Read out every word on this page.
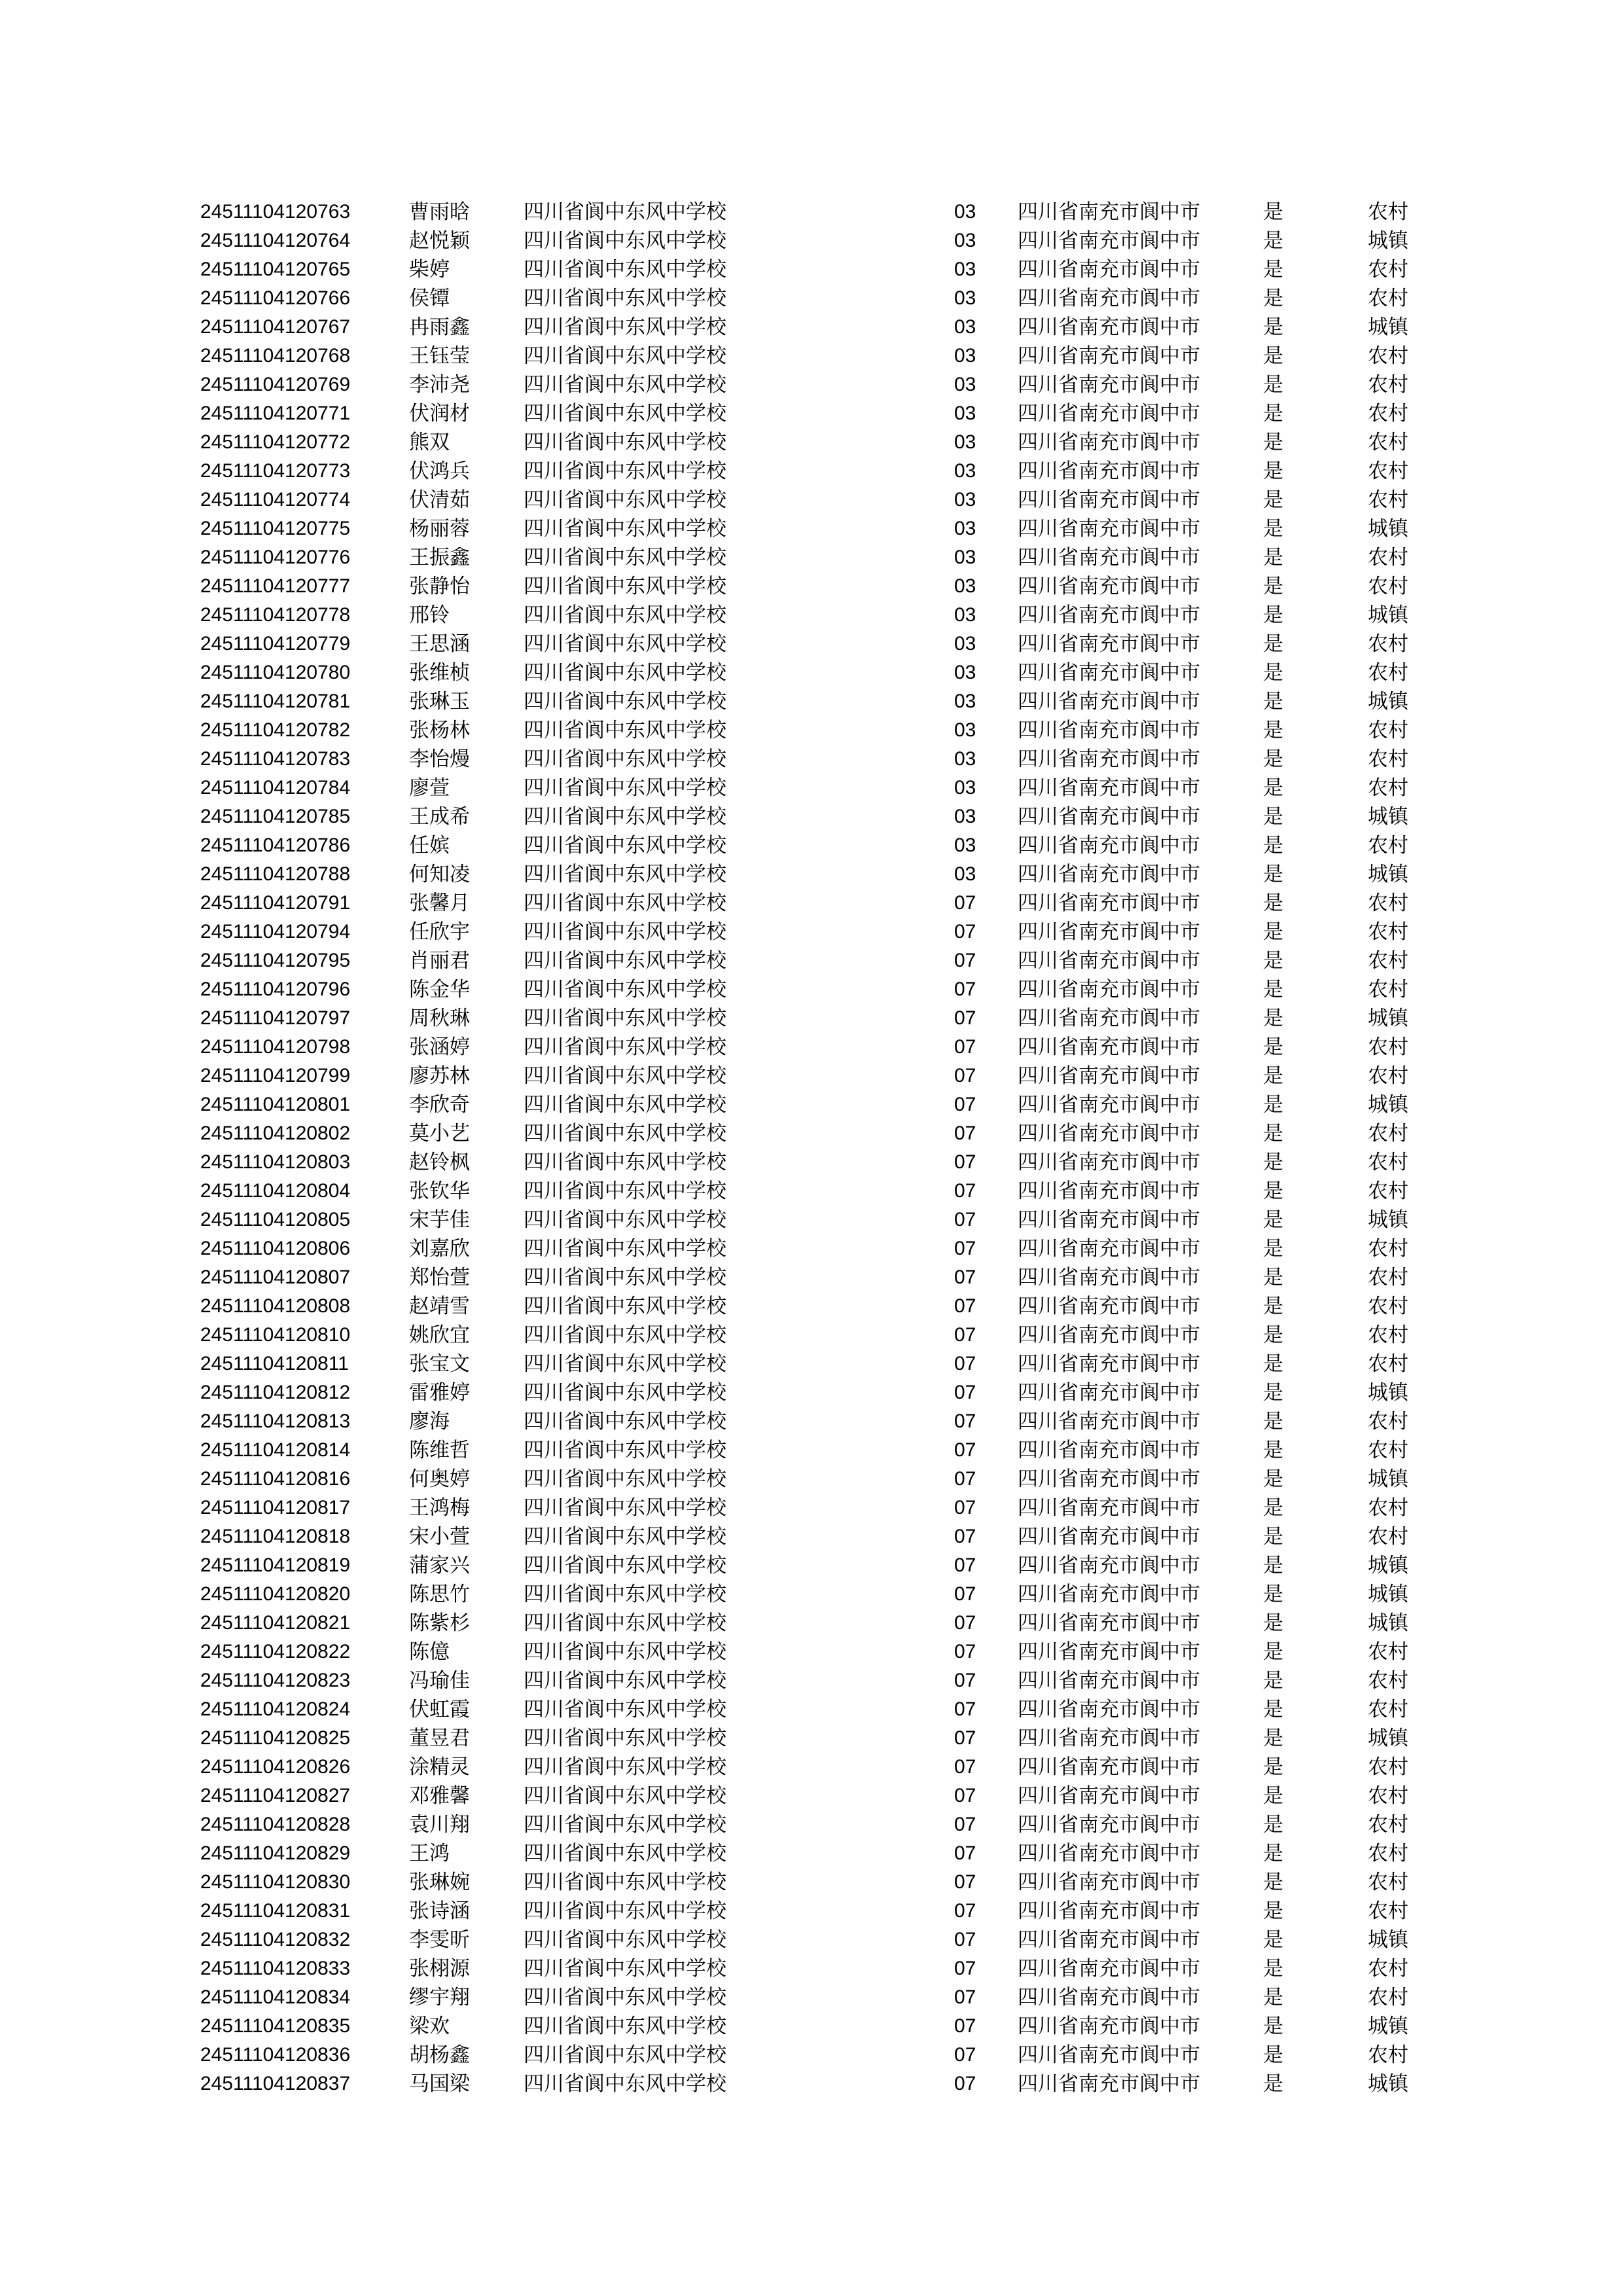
24511104120763	曹雨晗	四川省阆中东风中学校	03 四川省南充市阆中市	是	农村
24511104120764	赵悦颖	四川省阆中东风中学校	03 四川省南充市阆中市	是	城镇
24511104120765	柴婷	四川省阆中东风中学校	03 四川省南充市阆中市	是	农村
24511104120766	侯镡	四川省阆中东风中学校	03 四川省南充市阆中市	是	农村
24511104120767	冉雨鑫	四川省阆中东风中学校	03 四川省南充市阆中市	是	城镇
24511104120768	王钰莹	四川省阆中东风中学校	03 四川省南充市阆中市	是	农村
24511104120769	李沛尧	四川省阆中东风中学校	03 四川省南充市阆中市	是	农村
24511104120771	伏润材	四川省阆中东风中学校	03 四川省南充市阆中市	是	农村
24511104120772	熊双	四川省阆中东风中学校	03 四川省南充市阆中市	是	农村
24511104120773	伏鸿兵	四川省阆中东风中学校	03 四川省南充市阆中市	是	农村
24511104120774	伏清茹	四川省阆中东风中学校	03 四川省南充市阆中市	是	农村
24511104120775	杨丽蓉	四川省阆中东风中学校	03 四川省南充市阆中市	是	城镇
24511104120776	王振鑫	四川省阆中东风中学校	03 四川省南充市阆中市	是	农村
24511104120777	张静怡	四川省阆中东风中学校	03 四川省南充市阆中市	是	农村
24511104120778	邢铃	四川省阆中东风中学校	03 四川省南充市阆中市	是	城镇
24511104120779	王思涵	四川省阆中东风中学校	03 四川省南充市阆中市	是	农村
24511104120780	张维桢	四川省阆中东风中学校	03 四川省南充市阆中市	是	农村
24511104120781	张琳玉	四川省阆中东风中学校	03 四川省南充市阆中市	是	城镇
24511104120782	张杨林	四川省阆中东风中学校	03 四川省南充市阆中市	是	农村
24511104120783	李怡熳	四川省阆中东风中学校	03 四川省南充市阆中市	是	农村
24511104120784	廖萱	四川省阆中东风中学校	03 四川省南充市阆中市	是	农村
24511104120785	王成希	四川省阆中东风中学校	03 四川省南充市阆中市	是	城镇
24511104120786	任嫔	四川省阆中东风中学校	03 四川省南充市阆中市	是	农村
24511104120788	何知凌	四川省阆中东风中学校	03 四川省南充市阆中市	是	城镇
24511104120791	张馨月	四川省阆中东风中学校	07 四川省南充市阆中市	是	农村
24511104120794	任欣宇	四川省阆中东风中学校	07 四川省南充市阆中市	是	农村
24511104120795	肖丽君	四川省阆中东风中学校	07 四川省南充市阆中市	是	农村
24511104120796	陈金华	四川省阆中东风中学校	07 四川省南充市阆中市	是	农村
24511104120797	周秋琳	四川省阆中东风中学校	07 四川省南充市阆中市	是	城镇
24511104120798	张涵婷	四川省阆中东风中学校	07 四川省南充市阆中市	是	农村
24511104120799	廖苏林	四川省阆中东风中学校	07 四川省南充市阆中市	是	农村
24511104120801	李欣奇	四川省阆中东风中学校	07 四川省南充市阆中市	是	城镇
24511104120802	莫小艺	四川省阆中东风中学校	07 四川省南充市阆中市	是	农村
24511104120803	赵铃枫	四川省阆中东风中学校	07 四川省南充市阆中市	是	农村
24511104120804	张钦华	四川省阆中东风中学校	07 四川省南充市阆中市	是	农村
24511104120805	宋芋佳	四川省阆中东风中学校	07 四川省南充市阆中市	是	城镇
24511104120806	刘嘉欣	四川省阆中东风中学校	07 四川省南充市阆中市	是	农村
24511104120807	郑怡萱	四川省阆中东风中学校	07 四川省南充市阆中市	是	农村
24511104120808	赵靖雪	四川省阆中东风中学校	07 四川省南充市阆中市	是	农村
24511104120810	姚欣宜	四川省阆中东风中学校	07 四川省南充市阆中市	是	农村
24511104120811	张宝文	四川省阆中东风中学校	07 四川省南充市阆中市	是	农村
24511104120812	雷雅婷	四川省阆中东风中学校	07 四川省南充市阆中市	是	城镇
24511104120813	廖海	四川省阆中东风中学校	07 四川省南充市阆中市	是	农村
24511104120814	陈维哲	四川省阆中东风中学校	07 四川省南充市阆中市	是	农村
24511104120816	何奥婷	四川省阆中东风中学校	07 四川省南充市阆中市	是	城镇
24511104120817	王鸿梅	四川省阆中东风中学校	07 四川省南充市阆中市	是	农村
24511104120818	宋小萱	四川省阆中东风中学校	07 四川省南充市阆中市	是	农村
24511104120819	蒲家兴	四川省阆中东风中学校	07 四川省南充市阆中市	是	城镇
24511104120820	陈思竹	四川省阆中东风中学校	07 四川省南充市阆中市	是	城镇
24511104120821	陈紫杉	四川省阆中东风中学校	07 四川省南充市阆中市	是	城镇
24511104120822	陈億	四川省阆中东风中学校	07 四川省南充市阆中市	是	农村
24511104120823	冯瑜佳	四川省阆中东风中学校	07 四川省南充市阆中市	是	农村
24511104120824	伏虹霞	四川省阆中东风中学校	07 四川省南充市阆中市	是	农村
24511104120825	董昱君	四川省阆中东风中学校	07 四川省南充市阆中市	是	城镇
24511104120826	涂精灵	四川省阆中东风中学校	07 四川省南充市阆中市	是	农村
24511104120827	邓雅馨	四川省阆中东风中学校	07 四川省南充市阆中市	是	农村
24511104120828	袁川翔	四川省阆中东风中学校	07 四川省南充市阆中市	是	农村
24511104120829	王鸿	四川省阆中东风中学校	07 四川省南充市阆中市	是	农村
24511104120830	张琳婉	四川省阆中东风中学校	07 四川省南充市阆中市	是	农村
24511104120831	张诗涵	四川省阆中东风中学校	07 四川省南充市阆中市	是	农村
24511104120832	李雯昕	四川省阆中东风中学校	07 四川省南充市阆中市	是	城镇
24511104120833	张栩源	四川省阆中东风中学校	07 四川省南充市阆中市	是	农村
24511104120834	缪宇翔	四川省阆中东风中学校	07 四川省南充市阆中市	是	农村
24511104120835	梁欢	四川省阆中东风中学校	07 四川省南充市阆中市	是	城镇
24511104120836	胡杨鑫	四川省阆中东风中学校	07 四川省南充市阆中市	是	农村
24511104120837	马国梁	四川省阆中东风中学校	07 四川省南充市阆中市	是	城镇
